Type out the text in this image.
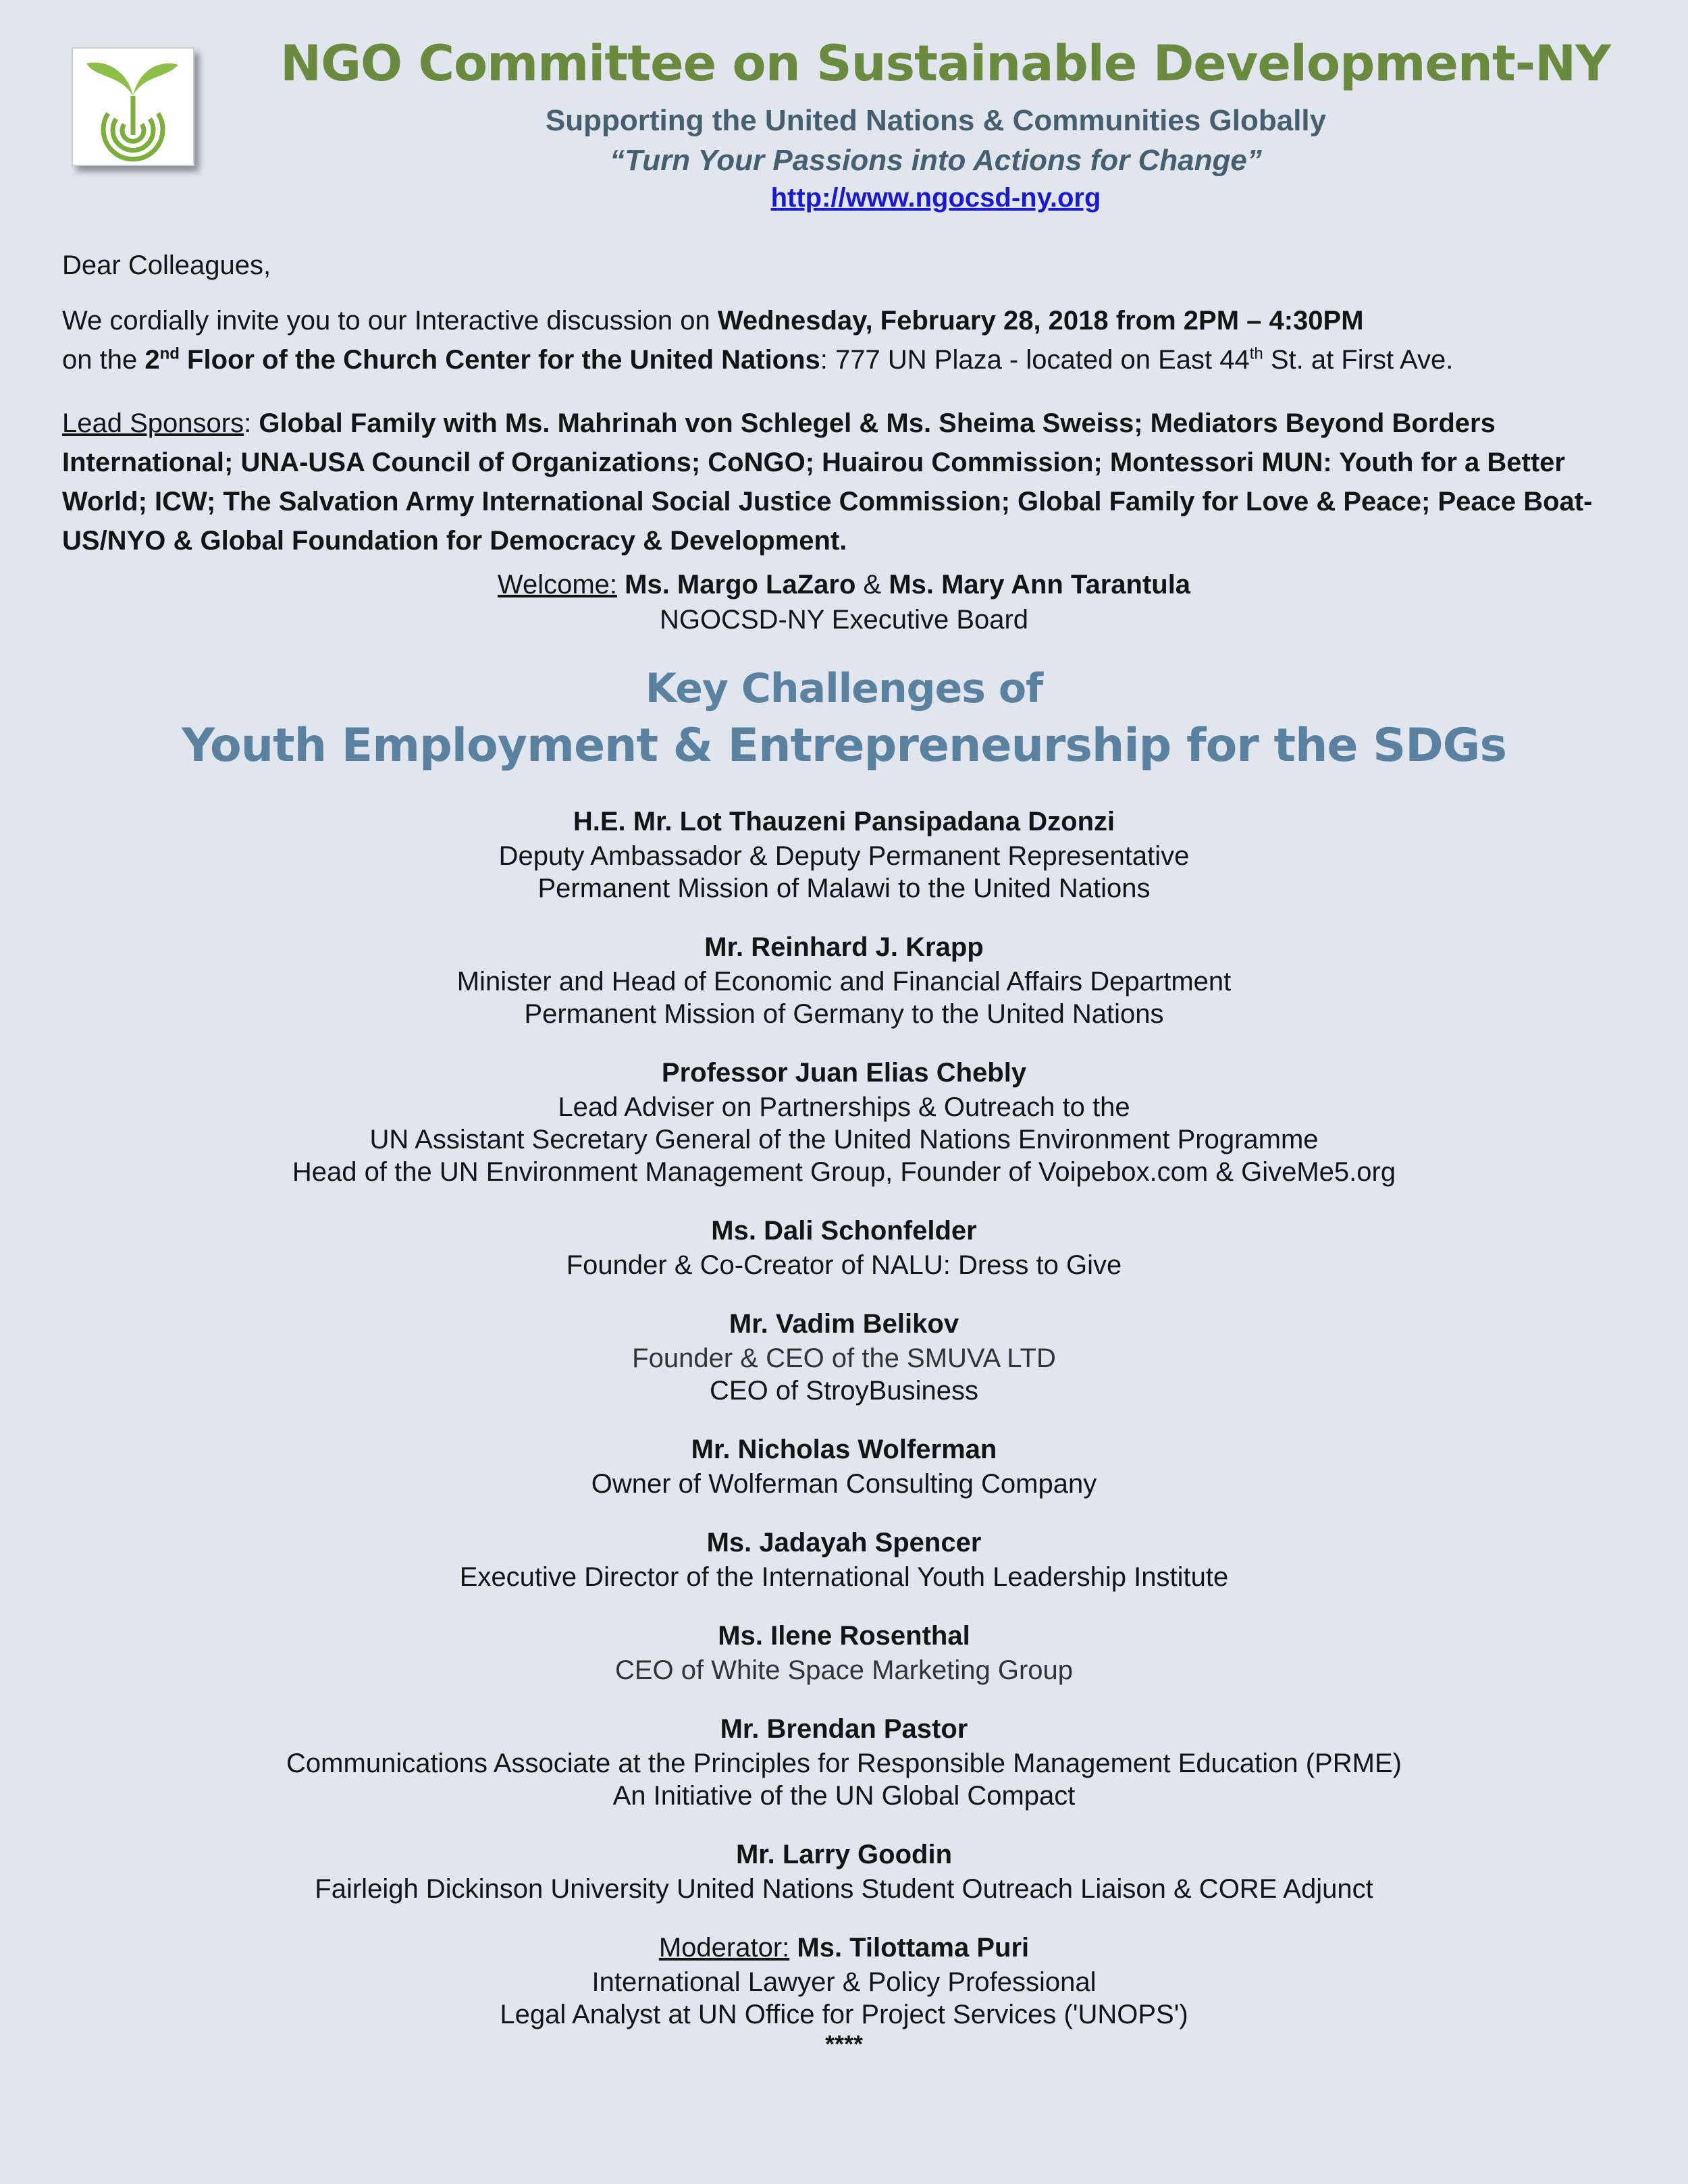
NGO Committee on Sustainable Development-NY
Supporting the United Nations & Communities Globally
“Turn Your Passions into Actions for Change”
http://www.ngocsd-ny.org
Dear Colleagues,
We cordially invite you to our Interactive discussion on Wednesday, February 28, 2018 from 2PM – 4:30PM
on the 2nd Floor of the Church Center for the United Nations: 777 UN Plaza - located on East 44th St. at First Ave.
Lead Sponsors: Global Family with Ms. Mahrinah von Schlegel & Ms. Sheima Sweiss; Mediators Beyond Borders International; UNA-USA Council of Organizations; CoNGO; Huairou Commission; Montessori MUN: Youth for a Better World; ICW; The Salvation Army International Social Justice Commission; Global Family for Love & Peace; Peace Boat-US/NYO & Global Foundation for Democracy & Development.
Welcome: Ms. Margo LaZaro & Ms. Mary Ann Tarantula
NGOCSD-NY Executive Board
Key Challenges of
Youth Employment & Entrepreneurship for the SDGs
H.E. Mr. Lot Thauzeni Pansipadana Dzonzi
Deputy Ambassador & Deputy Permanent Representative
Permanent Mission of Malawi to the United Nations
Mr. Reinhard J. Krapp
Minister and Head of Economic and Financial Affairs Department
Permanent Mission of Germany to the United Nations
Professor Juan Elias Chebly
Lead Adviser on Partnerships & Outreach to the
UN Assistant Secretary General of the United Nations Environment Programme
Head of the UN Environment Management Group, Founder of Voipebox.com & GiveMe5.org
Ms. Dali Schonfelder
Founder & Co-Creator of NALU: Dress to Give
Mr. Vadim Belikov
Founder & CEO of the SMUVA LTD
CEO of StroyBusiness
Mr. Nicholas Wolferman
Owner of Wolferman Consulting Company
Ms. Jadayah Spencer
Executive Director of the International Youth Leadership Institute
Ms. Ilene Rosenthal
CEO of White Space Marketing Group
Mr. Brendan Pastor
Communications Associate at the Principles for Responsible Management Education (PRME)
An Initiative of the UN Global Compact
Mr. Larry Goodin
Fairleigh Dickinson University United Nations Student Outreach Liaison & CORE Adjunct
Moderator: Ms. Tilottama Puri
International Lawyer & Policy Professional
Legal Analyst at UN Office for Project Services ('UNOPS')
****
